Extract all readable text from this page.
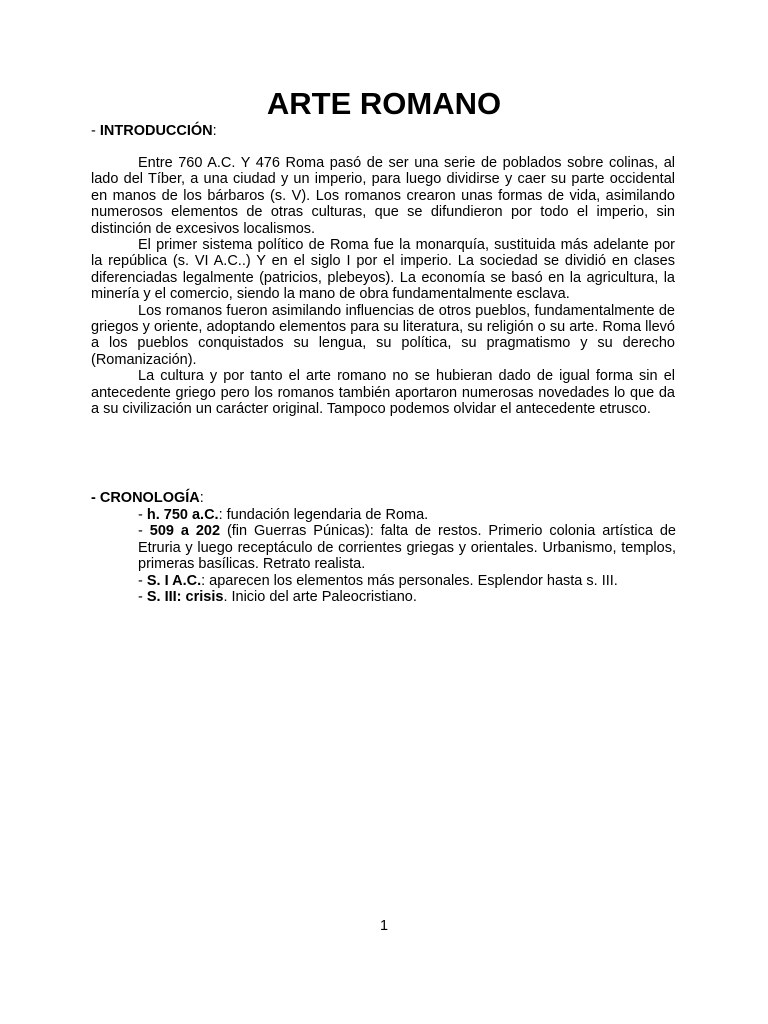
ARTE ROMANO
- INTRODUCCIÓN:

Entre 760 A.C. Y 476 Roma pasó de ser una serie de poblados sobre colinas, al lado del Tíber, a una ciudad y un imperio, para luego dividirse y caer su parte occidental en manos de los bárbaros (s. V). Los romanos crearon unas formas de vida, asimilando numerosos elementos de otras culturas, que se difundieron por todo el imperio, sin distinción de excesivos localismos.

El primer sistema político de Roma fue la monarquía, sustituida más adelante por la república (s. VI A.C..) Y en el siglo I por el imperio. La sociedad se dividió en clases diferenciadas legalmente (patricios, plebeyos). La economía se basó en la agricultura, la minería y el comercio, siendo la mano de obra fundamentalmente esclava.

Los romanos fueron asimilando influencias de otros pueblos, fundamentalmente de griegos y oriente, adoptando elementos para su literatura, su religión o su arte. Roma llevó a los pueblos conquistados su lengua, su política, su pragmatismo y su derecho (Romanización).

La cultura y por tanto el arte romano no se hubieran dado de igual forma sin el antecedente griego pero los romanos también aportaron numerosas novedades lo que da a su civilización un carácter original. Tampoco podemos olvidar el antecedente etrusco.

- CRONOLOGÍA:
- h. 750 a.C.: fundación legendaria de Roma.
- 509 a 202 (fin Guerras Púnicas): falta de restos. Primerio colonia artística de Etruria y luego receptáculo de corrientes griegas y orientales. Urbanismo, templos, primeras basílicas. Retrato realista.
- S. I A.C.: aparecen los elementos más personales. Esplendor hasta s. III.
- S. III: crisis. Inicio del arte Paleocristiano.
1
